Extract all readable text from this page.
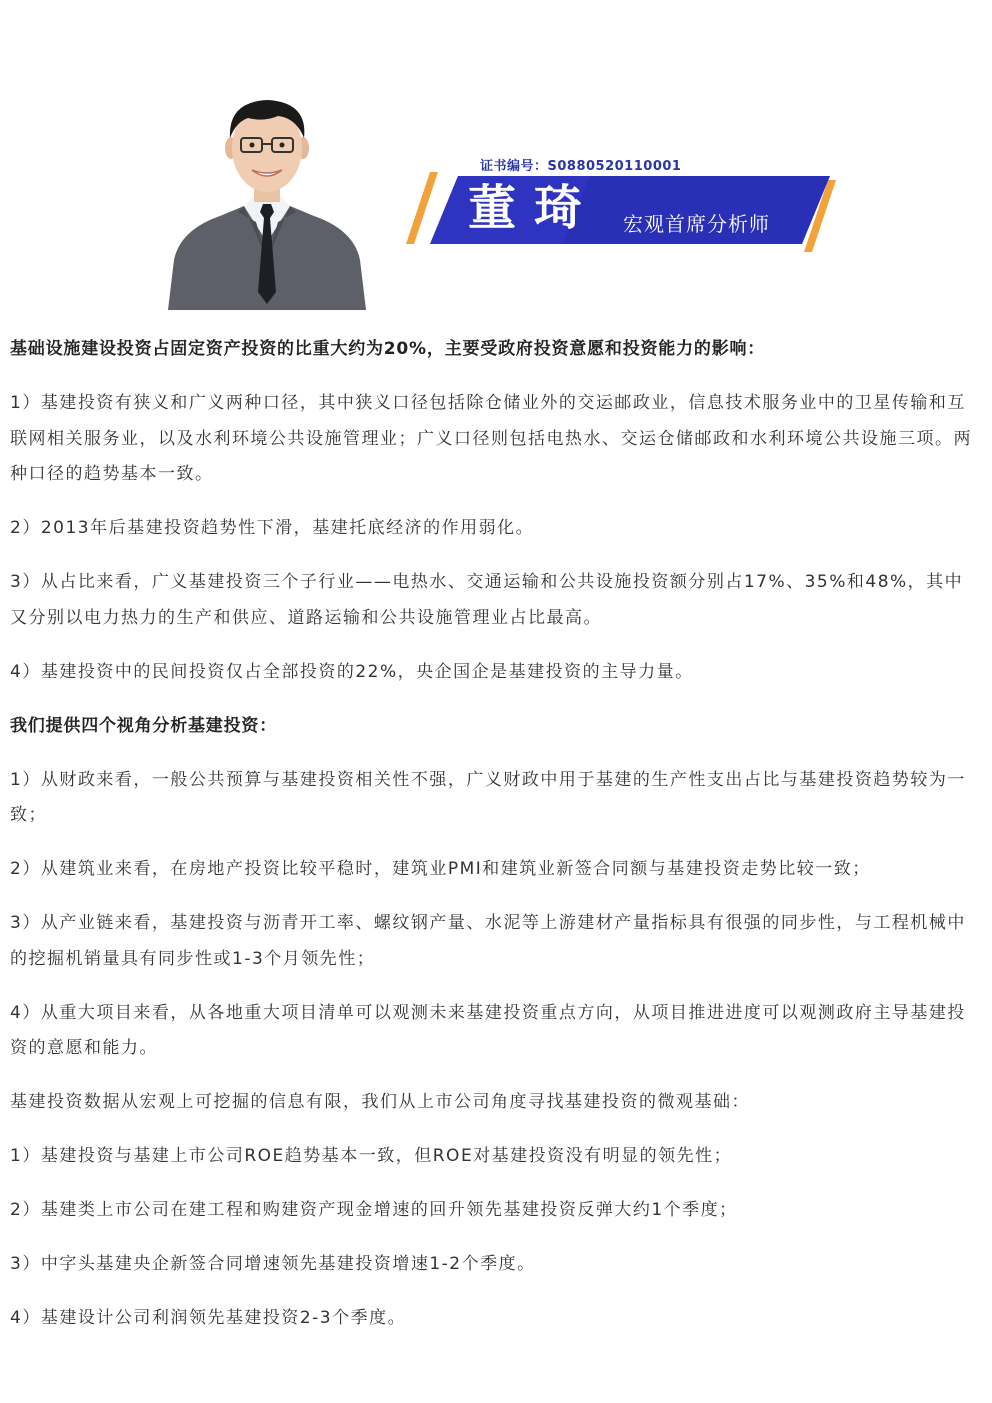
证书编号：S0880520110001
董琦 宏观首席分析师

基础设施建设投资占固定资产投资的比重大约为20%，主要受政府投资意愿和投资能力的影响：

1）基建投资有狭义和广义两种口径，其中狭义口径包括除仓储业外的交运邮政业，信息技术服务业中的卫星传输和互联网相关服务业，以及水利环境公共设施管理业；广义口径则包括电热水、交运仓储邮政和水利环境公共设施三项。两种口径的趋势基本一致。

2）2013年后基建投资趋势性下滑，基建托底经济的作用弱化。

3）从占比来看，广义基建投资三个子行业——电热水、交通运输和公共设施投资额分别占17%、35%和48%，其中又分别以电力热力的生产和供应、道路运输和公共设施管理业占比最高。

4）基建投资中的民间投资仅占全部投资的22%，央企国企是基建投资的主导力量。

我们提供四个视角分析基建投资：

1）从财政来看，一般公共预算与基建投资相关性不强，广义财政中用于基建的生产性支出占比与基建投资趋势较为一致；

2）从建筑业来看，在房地产投资比较平稳时，建筑业PMI和建筑业新签合同额与基建投资走势比较一致；

3）从产业链来看，基建投资与沥青开工率、螺纹钢产量、水泥等上游建材产量指标具有很强的同步性，与工程机械中的挖掘机销量具有同步性或1-3个月领先性；

4）从重大项目来看，从各地重大项目清单可以观测未来基建投资重点方向，从项目推进进度可以观测政府主导基建投资的意愿和能力。

基建投资数据从宏观上可挖掘的信息有限，我们从上市公司角度寻找基建投资的微观基础：

1）基建投资与基建上市公司ROE趋势基本一致，但ROE对基建投资没有明显的领先性；

2）基建类上市公司在建工程和购建资产现金增速的回升领先基建投资反弹大约1个季度；

3）中字头基建央企新签合同增速领先基建投资增速1-2个季度。

4）基建设计公司利润领先基建投资2-3个季度。
